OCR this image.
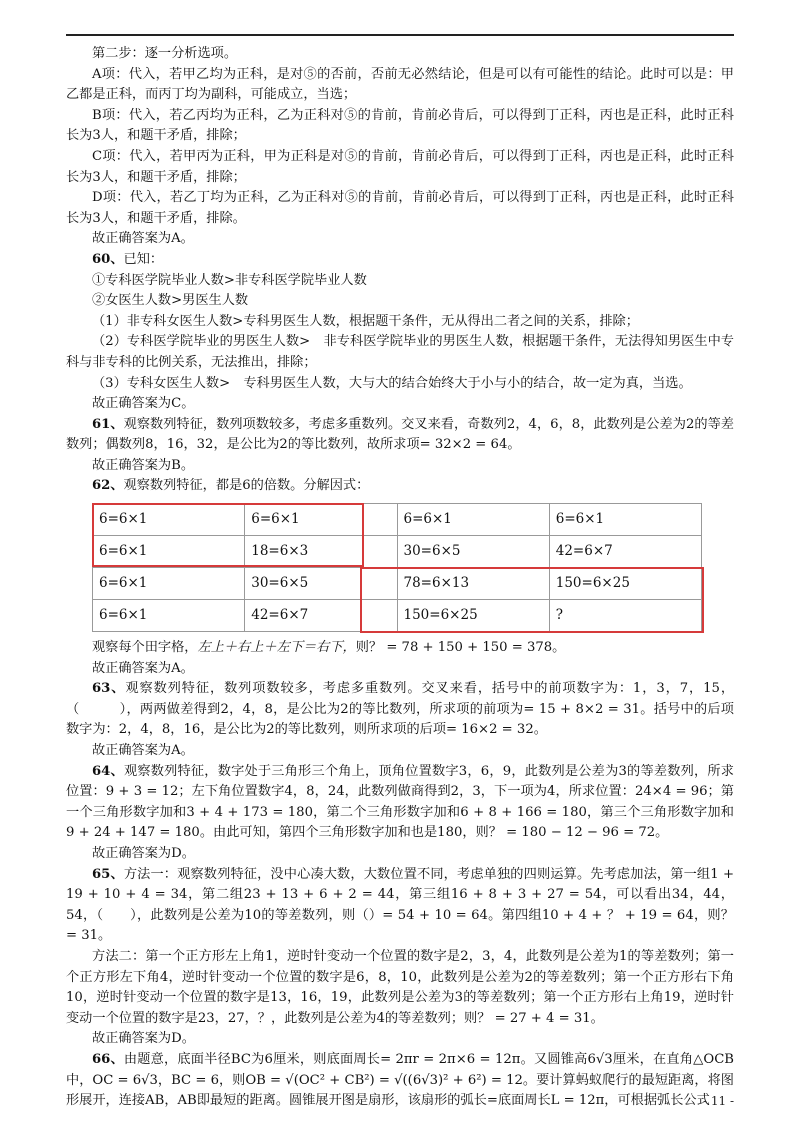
第二步：逐一分析选项。

A项：代入，若甲乙均为正科，是对⑤的否前，否前无必然结论，但是可以有可能性的结论。此时可以是：甲乙都是正科，而丙丁均为副科，可能成立，当选；

B项：代入，若乙丙均为正科，乙为正科对⑤的肯前，肯前必肯后，可以得到丁正科，丙也是正科，此时正科长为3人，和题干矛盾，排除；

C项：代入，若甲丙为正科，甲为正科是对⑤的肯前，肯前必肯后，可以得到丁正科，丙也是正科，此时正科长为3人，和题干矛盾，排除；

D项：代入，若乙丁均为正科，乙为正科对⑤的肯前，肯前必肯后，可以得到丁正科，丙也是正科，此时正科长为3人，和题干矛盾，排除。

故正确答案为A。

60、已知：

①专科医学院毕业人数>非专科医学院毕业人数

②女医生人数>男医生人数

（1）非专科女医生人数>专科男医生人数，根据题干条件，无从得出二者之间的关系，排除；

（2）专科医学院毕业的男医生人数>　非专科医学院毕业的男医生人数，根据题干条件，无法得知男医生中专科与非专科的比例关系，无法推出，排除；

（3）专科女医生人数>　专科男医生人数，大与大的结合始终大于小与小的结合，故一定为真，当选。

故正确答案为C。

61、观察数列特征，数列项数较多，考虑多重数列。交叉来看，奇数列2，4，6，8，此数列是公差为2的等差数列；偶数列8，16，32，是公比为2的等比数列，故所求项= 32×2 = 64。

故正确答案为B。

62、观察数列特征，都是6的倍数。分解因式：

6=6×1	6=6×1	6=6×1	6=6×1
6=6×1	18=6×3	30=6×5	42=6×7
6=6×1	30=6×5	78=6×13	150=6×25
6=6×1	42=6×7	150=6×25	?

观察每个田字格，左上＋右上＋左下＝右下，则？ = 78 + 150 + 150 = 378。

故正确答案为A。

63、观察数列特征，数列项数较多，考虑多重数列。交叉来看，括号中的前项数字为：1，3，7，15，（　　　），两两做差得到2，4，8，是公比为2的等比数列，所求项的前项为= 15 + 8×2 = 31。括号中的后项数字为：2，4，8，16，是公比为2的等比数列，则所求项的后项= 16×2 = 32。

故正确答案为A。

64、观察数列特征，数字处于三角形三个角上，顶角位置数字3，6，9，此数列是公差为3的等差数列，所求位置：9 + 3 = 12；左下角位置数字4，8，24，此数列做商得到2，3，下一项为4，所求位置：24×4 = 96；第一个三角形数字加和3 + 4 + 173 = 180，第二个三角形数字加和6 + 8 + 166 = 180，第三个三角形数字加和9 + 24 + 147 = 180。由此可知，第四个三角形数字加和也是180，则？ = 180 − 12 − 96 = 72。

故正确答案为D。

65、方法一：观察数列特征，没中心凑大数，大数位置不同，考虑单独的四则运算。先考虑加法，第一组1 + 19 + 10 + 4 = 34，第二组23 + 13 + 6 + 2 = 44，第三组16 + 8 + 3 + 27 = 54，可以看出34，44，54，（　　），此数列是公差为10的等差数列，则（）= 54 + 10 = 64。第四组10 + 4 + ？ + 19 = 64，则？ = 31。

方法二：第一个正方形左上角1，逆时针变动一个位置的数字是2，3，4，此数列是公差为1的等差数列；第一个正方形左下角4，逆时针变动一个位置的数字是6，8，10，此数列是公差为2的等差数列；第一个正方形右下角10，逆时针变动一个位置的数字是13，16，19，此数列是公差为3的等差数列；第一个正方形右上角19，逆时针变动一个位置的数字是23，27，？，此数列是公差为4的等差数列；则？ = 27 + 4 = 31。

故正确答案为D。

66、由题意，底面半径BC为6厘米，则底面周长= 2πr = 2π×6 = 12π。又圆锥高6√3厘米，在直角△OCB中，OC = 6√3，BC = 6，则OB = √(OC² + CB²) = √((6√3)² + 6²) = 12。要计算蚂蚁爬行的最短距离，将图形展开，连接AB，AB即最短的距离。圆锥展开图是扇形，该扇形的弧长=底面周长L = 12π，可根据弧长公式

- 11 -
